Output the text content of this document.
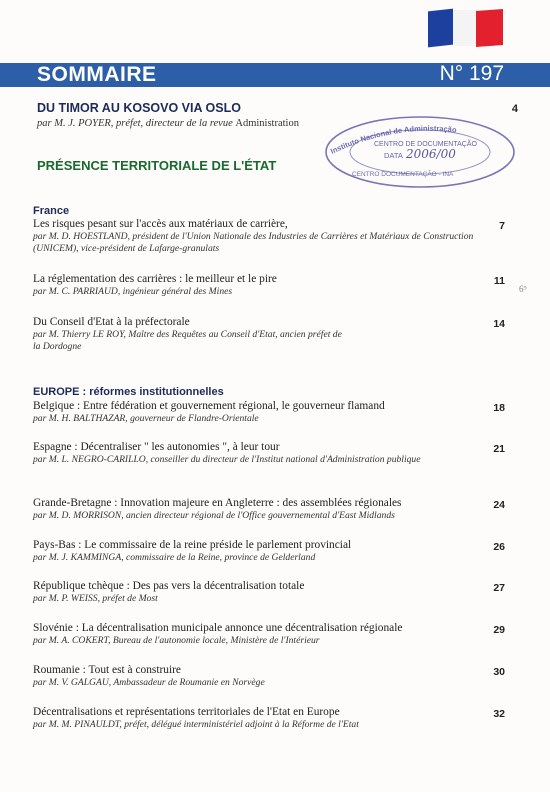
SOMMAIRE	N° 197
DU TIMOR AU KOSOVO VIA OSLO
par M. J. POYER, préfet, directeur de la revue Administration
4
PRÉSENCE TERRITORIALE DE L'ÉTAT
Instituto Nacional de Administração
CENTRO DE DOCUMENTAÇÃO
DATA 2006/00
CENTRO DOCUMENTAÇÃO - INA
France
Les risques pesant sur l'accès aux matériaux de carrière,
par M. D. HOESTLAND, président de l'Union Nationale des Industries de Carrières et Matériaux de Construction (UNICEM), vice-président de Lafarge-granulats
7
La réglementation des carrières : le meilleur et le pire
par M. C. PARRIAUD, ingénieur général des Mines
11
Du Conseil d'Etat à la préfectorale
par M. Thierry LE ROY, Maître des Requêtes au Conseil d'Etat, ancien préfet de la Dordogne
14
EUROPE : réformes institutionnelles
Belgique : Entre fédération et gouvernement régional, le gouverneur flamand
par M. H. BALTHAZAR, gouverneur de Flandre-Orientale
18
Espagne : Décentraliser " les autonomies ", à leur tour
par M. L. NEGRO-CARILLO, conseiller du directeur de l'Institut national d'Administration publique
21
Grande-Bretagne : Innovation majeure en Angleterre : des assemblées régionales
par M. D. MORRISON, ancien directeur régional de l'Office gouvernemental d'East Midlands
24
Pays-Bas : Le commissaire de la reine préside le parlement provincial
par M. J. KAMMINGA, commissaire de la Reine, province de Gelderland
26
République tchèque : Des pas vers la décentralisation totale
par M. P. WEISS, préfet de Most
27
Slovénie : La décentralisation municipale annonce une décentralisation régionale
par M. A. COKERT, Bureau de l'autonomie locale, Ministère de l'Intérieur
29
Roumanie : Tout est à construire
par M. V. GALGAU, Ambassadeur de Roumanie en Norvège
30
Décentralisations et représentations territoriales de l'Etat en Europe
par M. M. PINAULDT, préfet, délégué interministériel adjoint à la Réforme de l'Etat
32
6⁹
